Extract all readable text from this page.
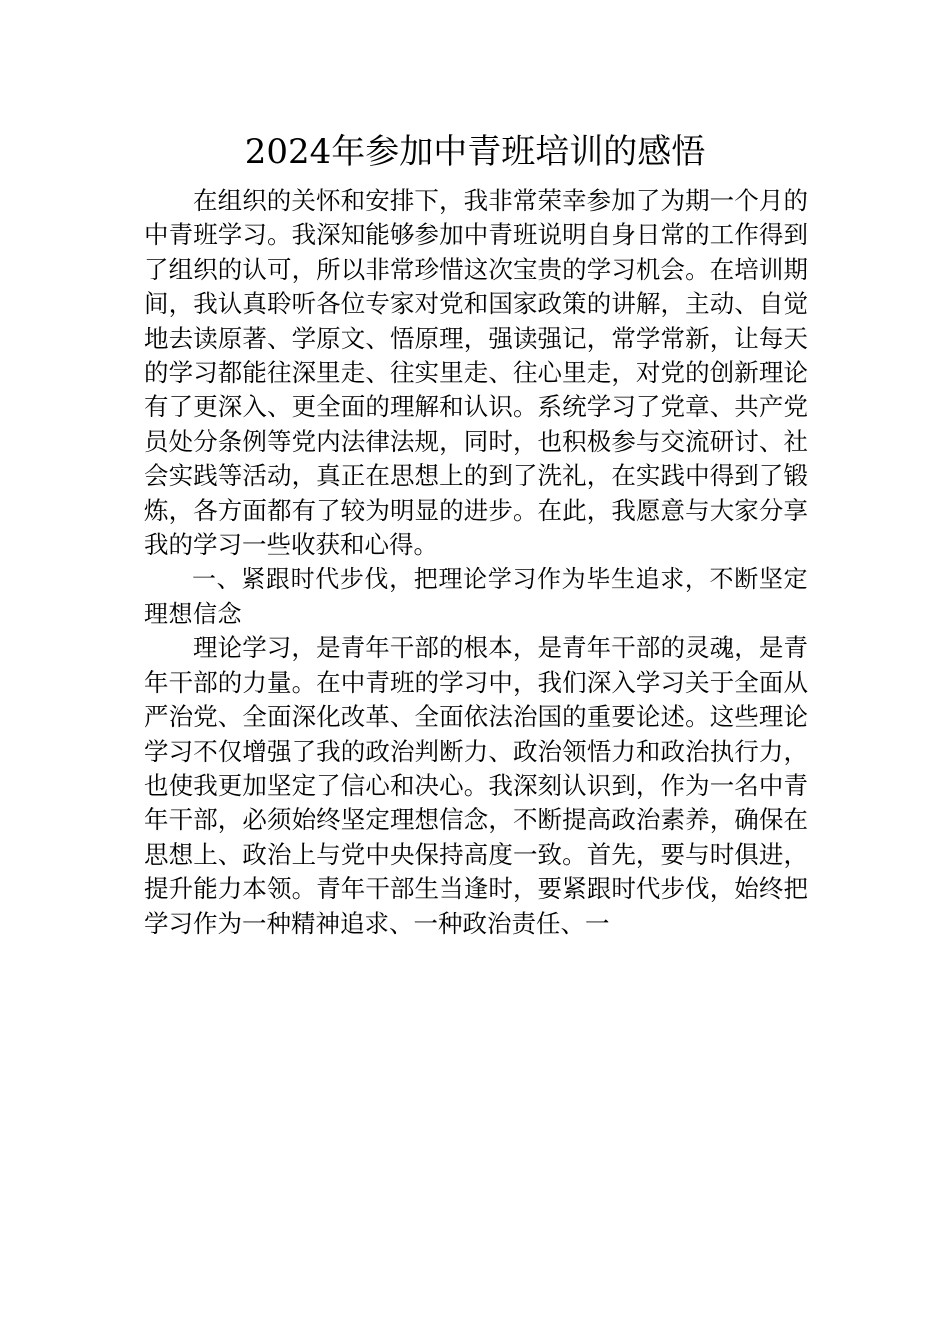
2024年参加中青班培训的感悟

在组织的关怀和安排下，我非常荣幸参加了为期一个月的中青班学习。我深知能够参加中青班说明自身日常的工作得到了组织的认可，所以非常珍惜这次宝贵的学习机会。在培训期间，我认真聆听各位专家对党和国家政策的讲解，主动、自觉地去读原著、学原文、悟原理，强读强记，常学常新，让每天的学习都能往深里走、往实里走、往心里走，对党的创新理论有了更深入、更全面的理解和认识。系统学习了党章、共产党员处分条例等党内法律法规，同时，也积极参与交流研讨、社会实践等活动，真正在思想上的到了洗礼，在实践中得到了锻炼，各方面都有了较为明显的进步。在此，我愿意与大家分享我的学习一些收获和心得。

一、紧跟时代步伐，把理论学习作为毕生追求，不断坚定理想信念

理论学习，是青年干部的根本，是青年干部的灵魂，是青年干部的力量。在中青班的学习中，我们深入学习关于全面从严治党、全面深化改革、全面依法治国的重要论述。这些理论学习不仅增强了我的政治判断力、政治领悟力和政治执行力，也使我更加坚定了信心和决心。我深刻认识到，作为一名中青年干部，必须始终坚定理想信念，不断提高政治素养，确保在思想上、政治上与党中央保持高度一致。首先，要与时俱进，提升能力本领。青年干部生当逢时，要紧跟时代步伐，始终把学习作为一种精神追求、一种政治责任、一
